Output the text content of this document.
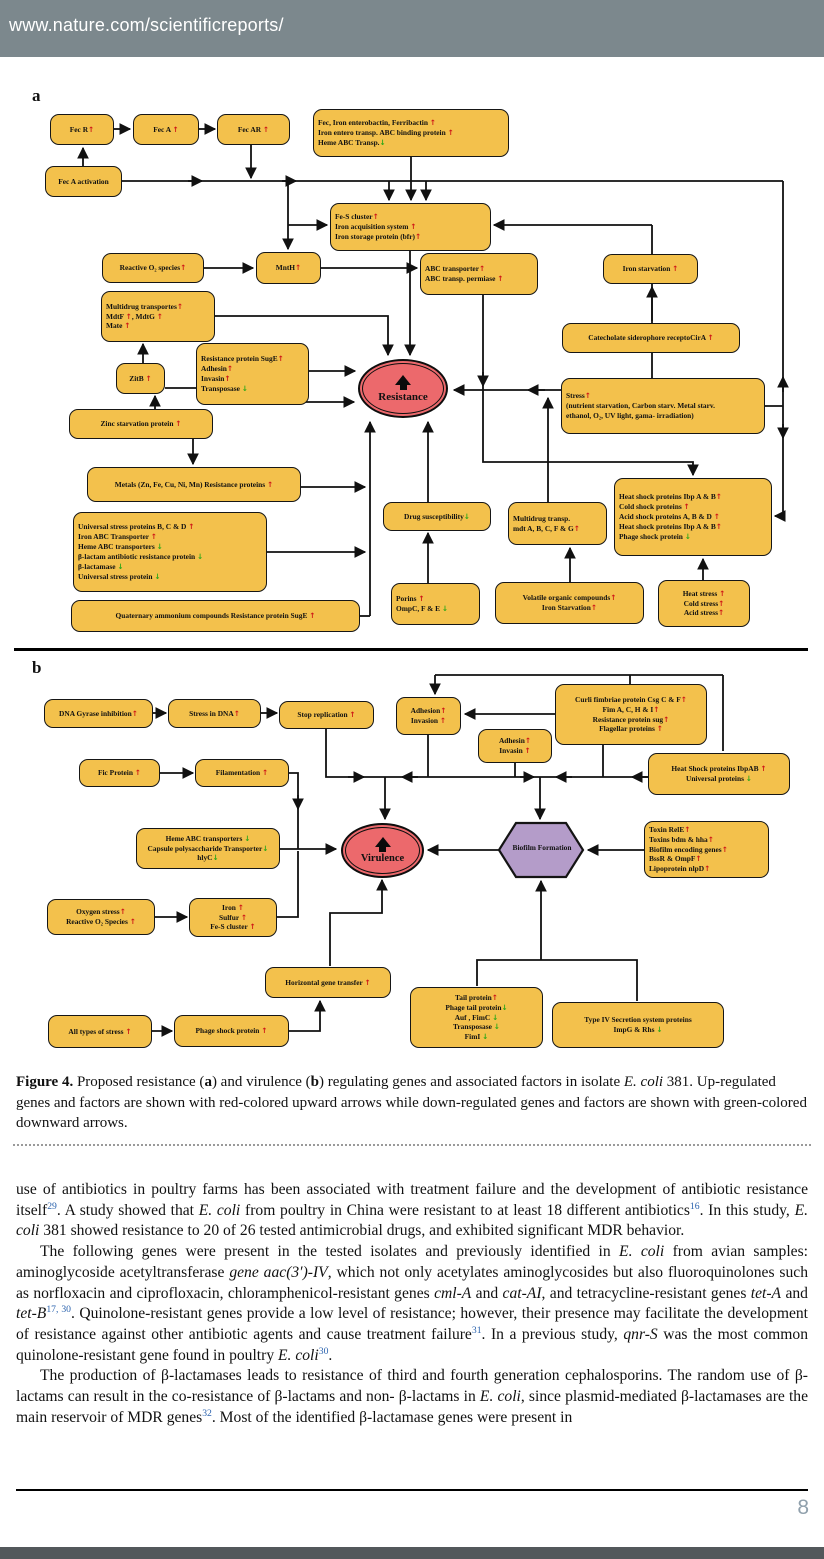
www.nature.com/scientificreports/
a
b
Fec R↑	Fec A ↑	Fec AR ↑
Fec, Iron enterobactin, Ferribactin ↑
Iron entero transp. ABC binding protein ↑
Heme ABC Transp.↓
Fec A activation
Fe-S cluster↑
Iron acquisition system ↑
Iron storage protein (bfr)↑
Reactive O₂ species↑	MntH↑	ABC transporter↑
ABC transp. permiase ↑
Iron starvation ↑
Multidrug transportes↑
MdtF ↑, MdtG ↑
Mate ↑
Catecholate siderophore receptoCirA ↑
Resistance protein SugE↑
Adhesin↑
Invasin↑
Transposase ↓
ZitB ↑
Stress↑
(nutrient starvation, Carbon starv. Metal starv.
ethanol, O₂, UV light, gama- irradiation)
Zinc starvation protein ↑
Metals (Zn, Fe, Cu, Ni, Mn) Resistance proteins ↑
Heat shock proteins Ibp A & B↑
Cold shock proteins ↑
Acid shock proteins A, B & D ↑
Heat shock proteins Ibp A & B↑
Phage shock protein ↓
Drug susceptibility↓	Multidrug transp.
mdt A, B, C, F & G↑
Universal stress proteins B, C & D ↑
Iron ABC Transporter ↑
Heme ABC transporters ↓
β-lactam antibiotic resistance protein ↓
β-lactamase ↓
Universal stress protein ↓
Porins ↑
OmpC, F & E ↓
Volatile organic compounds↑
Iron Starvation↑
Heat stress ↑
Cold stress↑
Acid stress↑
Quaternary ammonium compounds Resistance protein SugE ↑
DNA Gyrase inhibition↑	Stress in DNA↑	Stop replication ↑	Adhesion↑
Invasion ↑
Curli fimbriae protein Csg C & F↑
Fim A, C, H & I↑
Resistance protein sug↑
Flagellar proteins ↑
Adhesin↑
Invasin ↑
Heat Shock proteins IbpAB ↑
Universal proteins ↓
Fic Protein ↑	Filamentation ↑
Heme ABC transporters ↓
Capsule polysaccharide Transporter↓
hlyC↓
Toxin RelE↑
Toxins bdm & hha↑
Biofilm encoding genes↑
BssR & OmpF↑
Lipoprotein nlpD↑
Oxygen stress↑
Reactive O₂ Species ↑
Iron ↑
Sulfur ↑
Fe-S cluster ↑
Horizontal gene transfer ↑
All types of stress ↑	Phage shock protein ↑
Tail protein↑
Phage tail protein↓
Auf , FimC ↓
Transposase ↓
FimI ↓
Type IV Secretion system proteins
ImpG & Rhs ↓
Resistance
Virulence
Biofilm Formation
Figure 4. Proposed resistance (a) and virulence (b) regulating genes and associated factors in isolate E. coli 381. Up-regulated genes and factors are shown with red-colored upward arrows while down-regulated genes and factors are shown with green-colored downward arrows.

use of antibiotics in poultry farms has been associated with treatment failure and the development of antibiotic resistance itself$^{29}$. A study showed that E. coli from poultry in China were resistant to at least 18 different antibiotics$^{16}$. In this study, E. coli 381 showed resistance to 20 of 26 tested antimicrobial drugs, and exhibited significant MDR behavior.

The following genes were present in the tested isolates and previously identified in E. coli from avian samples: aminoglycoside acetyltransferase gene aac(3′)-IV, which not only acetylates aminoglycosides but also fluoroquinolones such as norfloxacin and ciprofloxacin, chloramphenicol-resistant genes cml-A and cat-AI, and tetracycline-resistant genes tet-A and tet-B$^{17, 30}$. Quinolone-resistant genes provide a low level of resistance; however, their presence may facilitate the development of resistance against other antibiotic agents and cause treatment failure$^{31}$. In a previous study, qnr-S was the most common quinolone-resistant gene found in poultry E. coli$^{30}$.

The production of β-lactamases leads to resistance of third and fourth generation cephalosporins. The random use of β-lactams can result in the co-resistance of β-lactams and non- β-lactams in E. coli, since plasmid-mediated β-lactamases are the main reservoir of MDR genes$^{32}$. Most of the identified β-lactamase genes were present in

8
